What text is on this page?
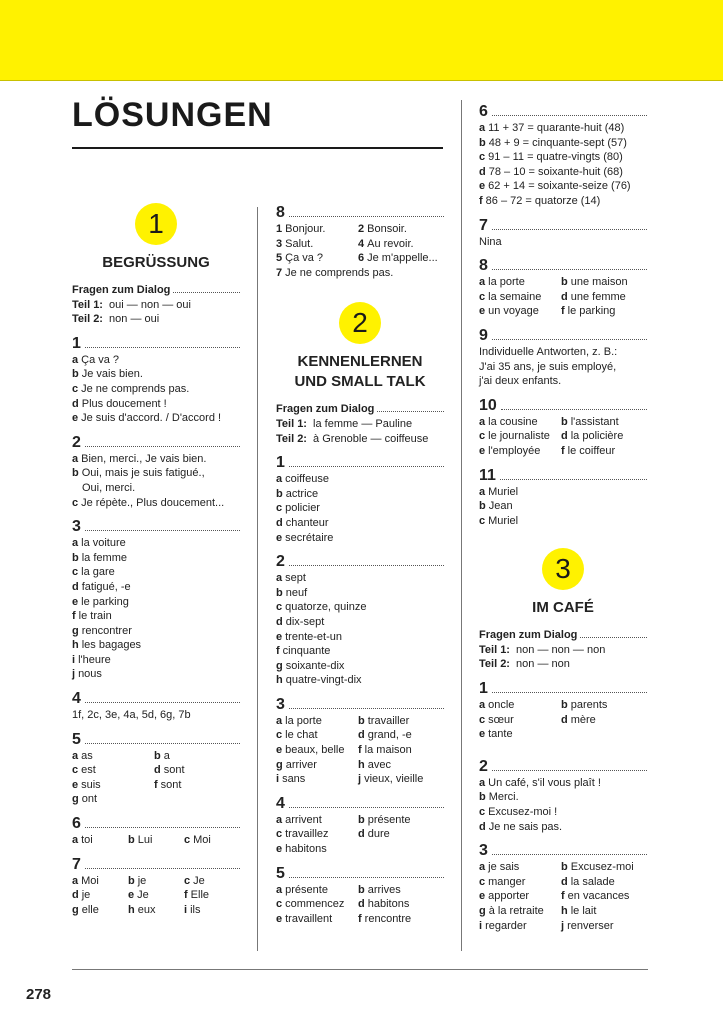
LÖSUNGEN
1
BEGRÜSSUNG
Fragen zum Dialog
Teil 1: oui — non — oui
Teil 2: non — oui
1
a Ça va ?
b Je vais bien.
c Je ne comprends pas.
d Plus doucement !
e Je suis d'accord. / D'accord !
2
a Bien, merci., Je vais bien.
b Oui, mais je suis fatigué.,
Oui, merci.
c Je répète., Plus doucement...
3
a la voiture
b la femme
c la gare
d fatigué, -e
e le parking
f le train
g rencontrer
h les bagages
i l'heure
j nous
4
1f, 2c, 3e, 4a, 5d, 6g, 7b
5
a as	b a
c est	d sont
e suis	f sont
g ont
6
a toi	b Lui	c Moi
7
a Moi	b je	c Je
d je	e Je	f Elle
g elle	h eux	i ils
8
1 Bonjour.	2 Bonsoir.
3 Salut.	4 Au revoir.
5 Ça va ?	6 Je m'appelle...
7 Je ne comprends pas.
2
KENNENLERNEN
UND SMALL TALK
Fragen zum Dialog
Teil 1: la femme — Pauline
Teil 2: à Grenoble — coiffeuse
1
a coiffeuse
b actrice
c policier
d chanteur
e secrétaire
2
a sept
b neuf
c quatorze, quinze
d dix-sept
e trente-et-un
f cinquante
g soixante-dix
h quatre-vingt-dix
3
a la porte	b travailler
c le chat	d grand, -e
e beaux, belle	f la maison
g arriver	h avec
i sans	j vieux, vieille
4
a arrivent	b présente
c travaillez	d dure
e habitons
5
a présente	b arrives
c commencez	d habitons
e travaillent	f rencontre
6
a 11 + 37 = quarante-huit (48)
b 48 + 9 = cinquante-sept (57)
c 91 – 11 = quatre-vingts (80)
d 78 – 10 = soixante-huit (68)
e 62 + 14 = soixante-seize (76)
f 86 – 72 = quatorze (14)
7
Nina
8
a la porte	b une maison
c la semaine	d une femme
e un voyage	f le parking
9
Individuelle Antworten, z. B.:
J'ai 35 ans, je suis employé,
j'ai deux enfants.
10
a la cousine	b l'assistant
c le journaliste	d la policière
e l'employée	f le coiffeur
11
a Muriel
b Jean
c Muriel
3
IM CAFÉ
Fragen zum Dialog
Teil 1: non — non — non
Teil 2: non — non
1
a oncle	b parents
c sœur	d mère
e tante
2
a Un café, s'il vous plaît !
b Merci.
c Excusez-moi !
d Je ne sais pas.
3
a je sais	b Excusez-moi
c manger	d la salade
e apporter	f en vacances
g à la retraite	h le lait
i regarder	j renverser
278
